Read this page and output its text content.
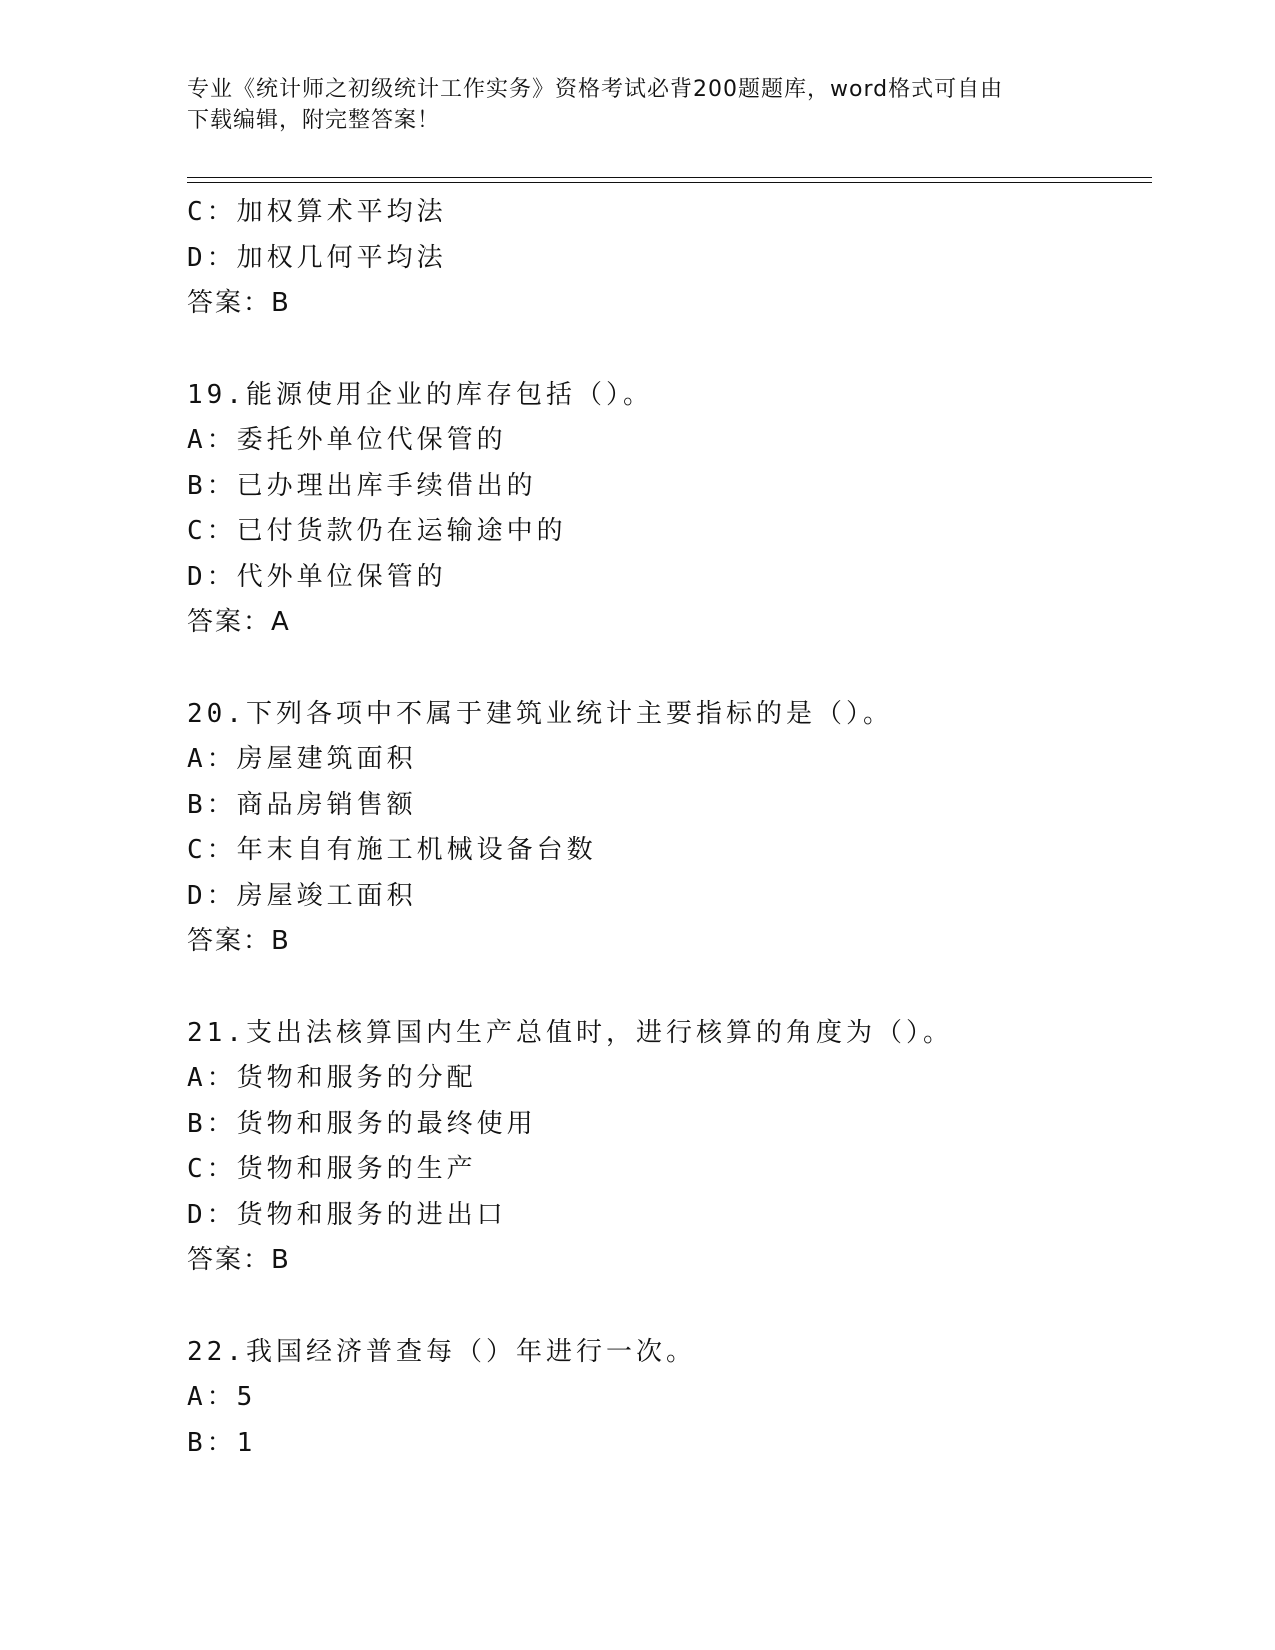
专业《统计师之初级统计工作实务》资格考试必背200题题库，word格式可自由
下载编辑，附完整答案！
C：加权算术平均法
D：加权几何平均法
答案：B
19.能源使用企业的库存包括（）。
A：委托外单位代保管的
B：已办理出库手续借出的
C：已付货款仍在运输途中的
D：代外单位保管的
答案：A
20.下列各项中不属于建筑业统计主要指标的是（）。
A：房屋建筑面积
B：商品房销售额
C：年末自有施工机械设备台数
D：房屋竣工面积
答案：B
21.支出法核算国内生产总值时，进行核算的角度为（）。
A：货物和服务的分配
B：货物和服务的最终使用
C：货物和服务的生产
D：货物和服务的进出口
答案：B
22.我国经济普查每（）年进行一次。
A：5
B：1
